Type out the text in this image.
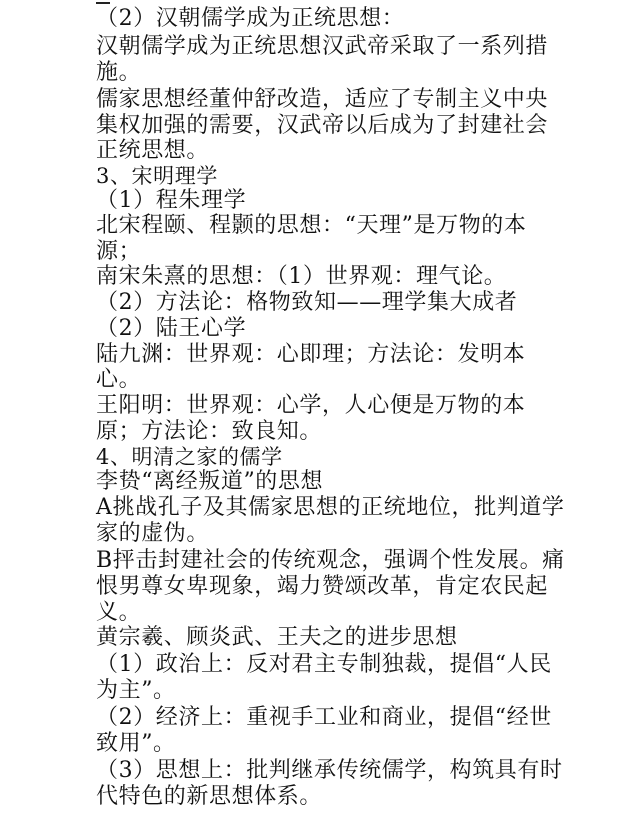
（2）汉朝儒学成为正统思想：
汉朝儒学成为正统思想汉武帝采取了一系列措
施。
儒家思想经董仲舒改造，适应了专制主义中央
集权加强的需要，汉武帝以后成为了封建社会
正统思想。
3、宋明理学
（1）程朱理学
北宋程颐、程颢的思想：“天理”是万物的本
源；
南宋朱熹的思想：（1）世界观：理气论。
（2）方法论：格物致知——理学集大成者
（2）陆王心学
陆九渊：世界观：心即理；方法论：发明本
心。
王阳明：世界观：心学，人心便是万物的本
原；方法论：致良知。
4、明清之家的儒学
李贽“离经叛道”的思想
A挑战孔子及其儒家思想的正统地位，批判道学
家的虚伪。
B抨击封建社会的传统观念，强调个性发展。痛
恨男尊女卑现象，竭力赞颂改革，肯定农民起
义。
黄宗羲、顾炎武、王夫之的进步思想
（1）政治上：反对君主专制独裁，提倡“人民
为主”。
（2）经济上：重视手工业和商业，提倡“经世
致用”。
（3）思想上：批判继承传统儒学，构筑具有时
代特色的新思想体系。
